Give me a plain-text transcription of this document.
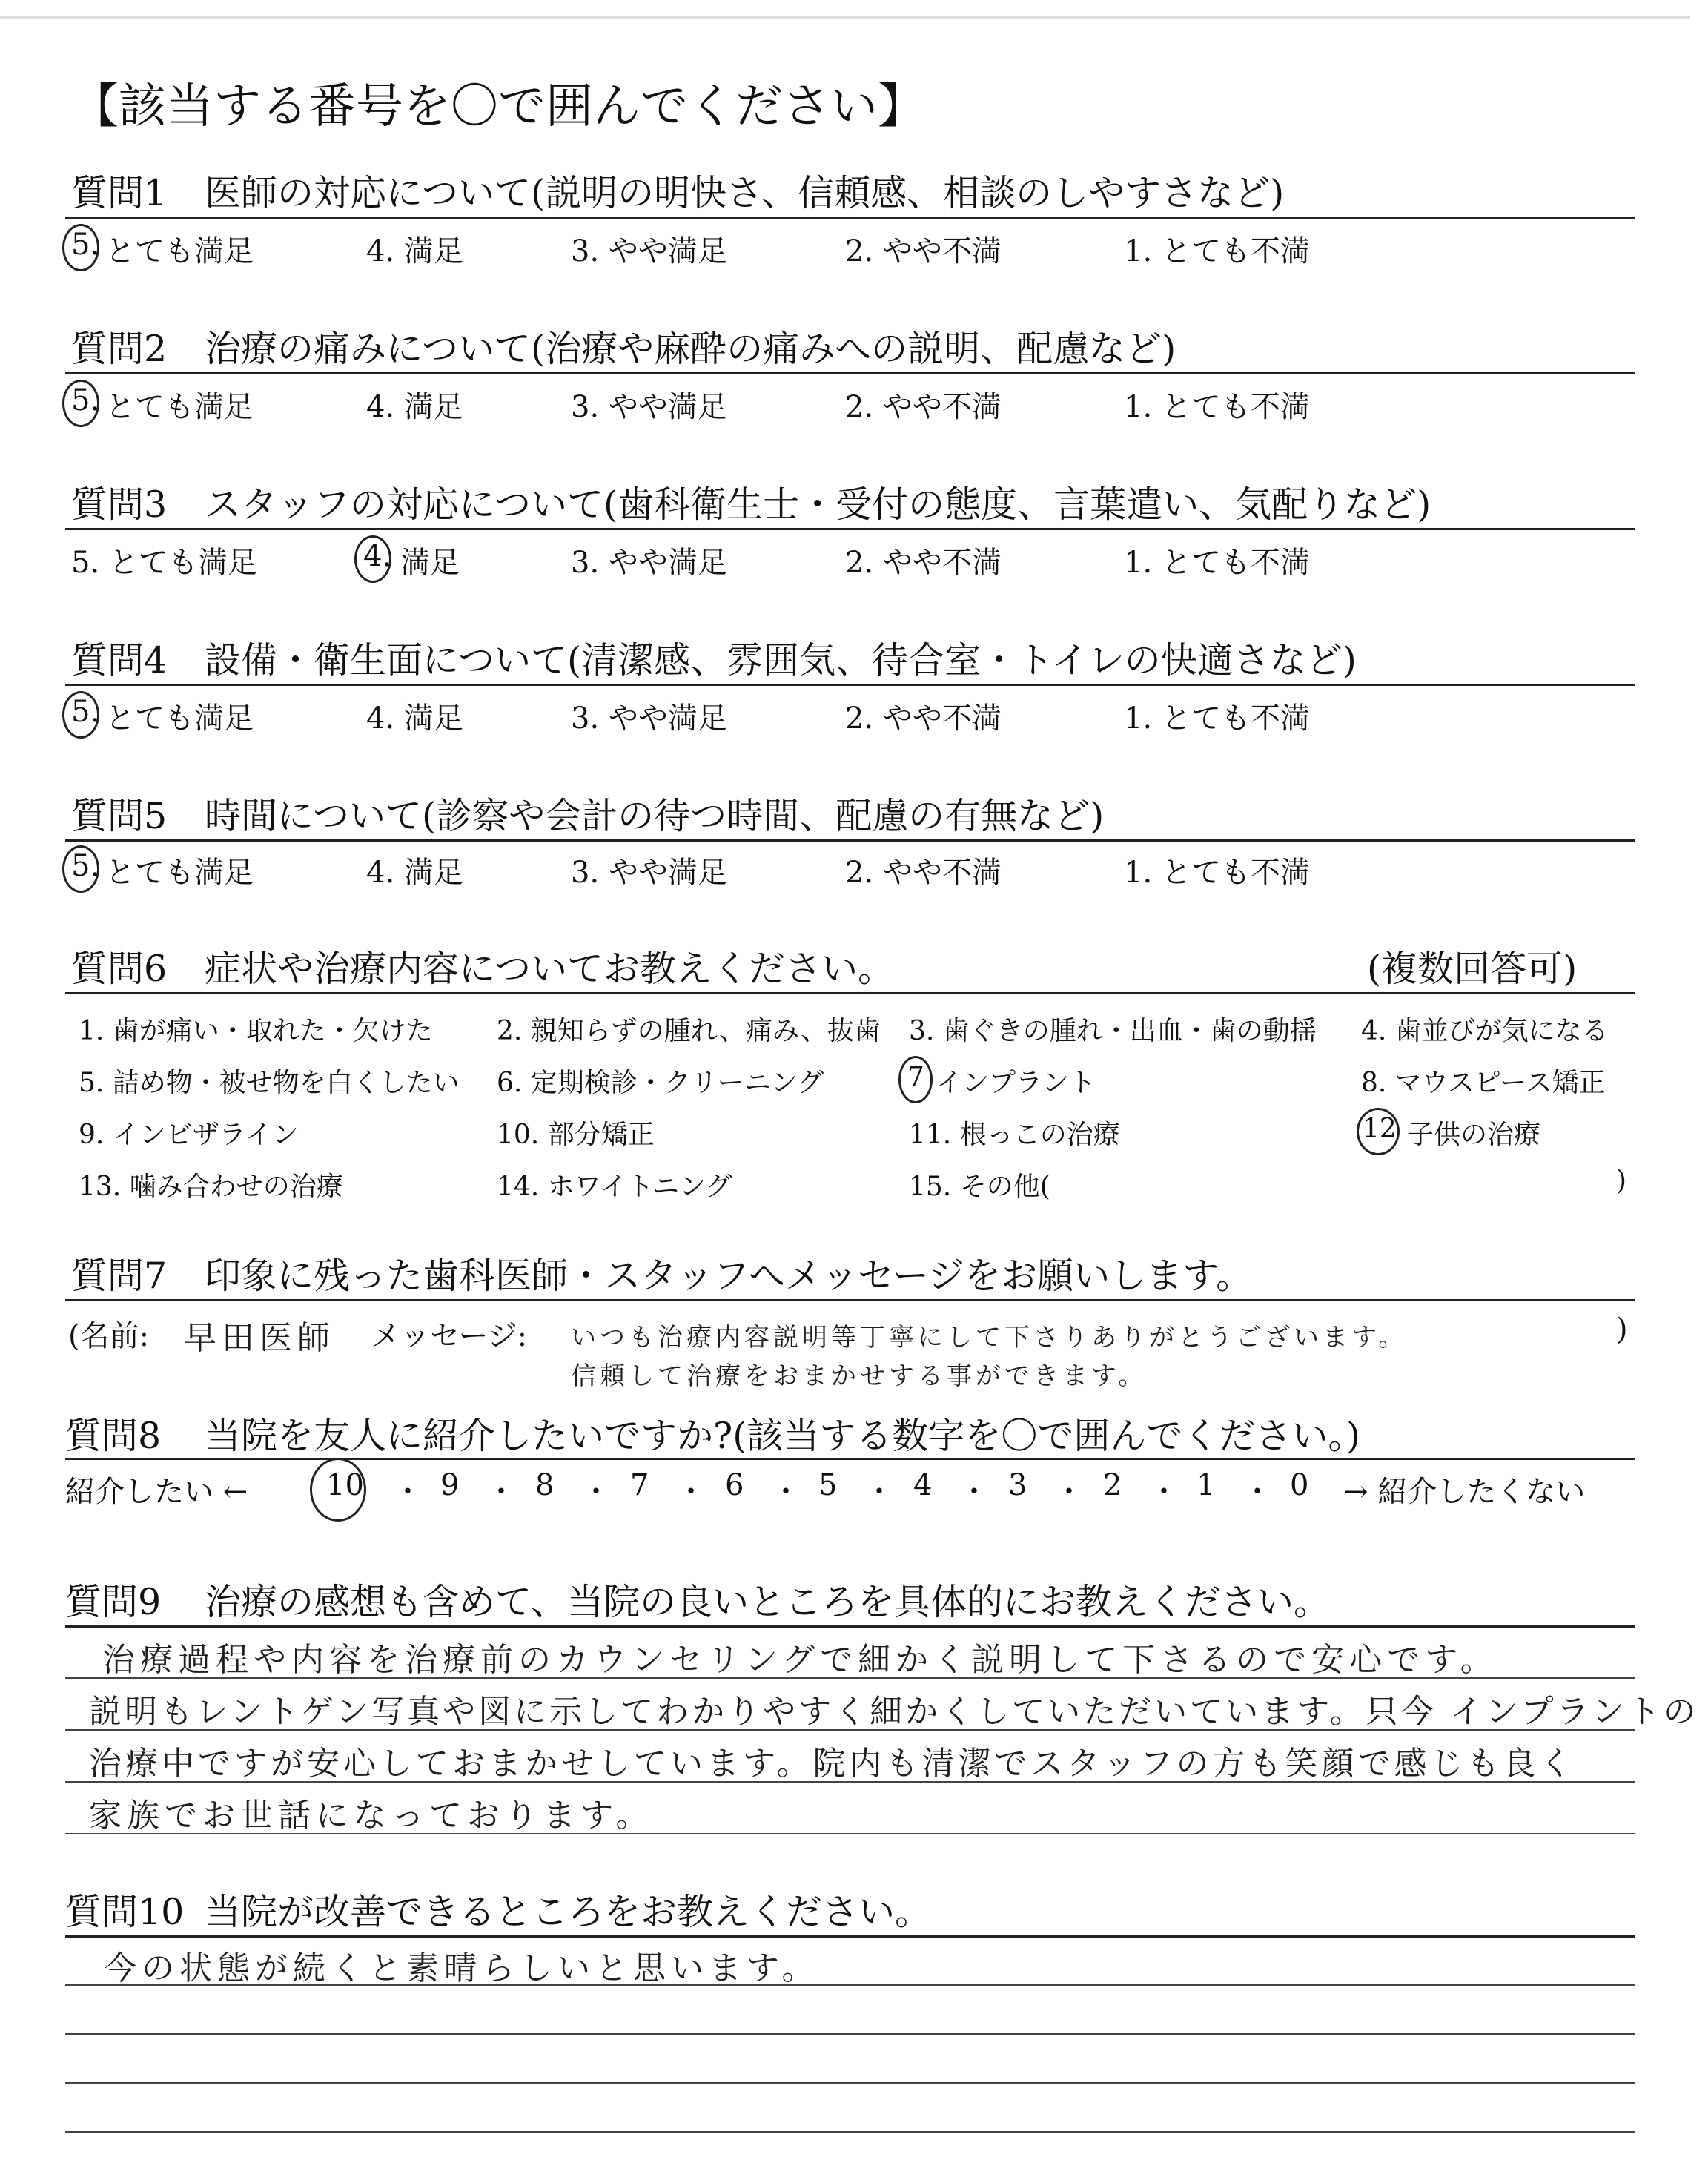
【該当する番号を〇で囲んでください】
質問1 医師の対応について(説明の明快さ、信頼感、相談のしやすさなど)
5. とても満足	4. 満足	3. やや満足	2. やや不満	1. とても不満
質問2 治療の痛みについて(治療や麻酔の痛みへの説明、配慮など)
5. とても満足	4. 満足	3. やや満足	2. やや不満	1. とても不満
質問3 スタッフの対応について(歯科衛生士・受付の態度、言葉遣い、気配りなど)
5. とても満足	4. 満足	3. やや満足	2. やや不満	1. とても不満
質問4 設備・衛生面について(清潔感、雰囲気、待合室・トイレの快適さなど)
5. とても満足	4. 満足	3. やや満足	2. やや不満	1. とても不満
質問5 時間について(診察や会計の待つ時間、配慮の有無など)
5. とても満足	4. 満足	3. やや満足	2. やや不満	1. とても不満
質問6 症状や治療内容についてお教えください。	(複数回答可)
1. 歯が痛い・取れた・欠けた 2. 親知らずの腫れ、痛み、抜歯 3. 歯ぐきの腫れ・出血・歯の動揺 4. 歯並びが気になる
5. 詰め物・被せ物を白くしたい 6. 定期検診・クリーニング	7 インプラント	8. マウスピース矯正
9. インビザライン	10. 部分矯正	11. 根っこの治療	12 子供の治療
13. 噛み合わせの治療	14. ホワイトニング	15. その他(	)
質問7 印象に残った歯科医師・スタッフへメッセージをお願いします。
(名前: 早田医師 メッセージ: いつも治療内容説明等丁寧にして下さりありがとうございます。
信頼して治療をおまかせする事ができます。
)
質問8 当院を友人に紹介したいですか?(該当する数字を〇で囲んでください。)
紹介したい ←	10 ・ 9 ・ 8 ・ 7 ・ 6 ・ 5 ・ 4 ・ 3 ・ 2 ・ 1 ・ 0 → 紹介したくない
質問9 治療の感想も含めて、当院の良いところを具体的にお教えください。
治療過程や内容を治療前のカウンセリングで細かく説明して下さるので安心です。
説明もレントゲン写真や図に示してわかりやすく細かくしていただいています。只今 インプラントの
治療中ですが安心しておまかせしています。院内も清潔でスタッフの方も笑顔で感じも良く
家族でお世話になっております。
質問10 当院が改善できるところをお教えください。
今の状態が続くと素晴らしいと思います。
